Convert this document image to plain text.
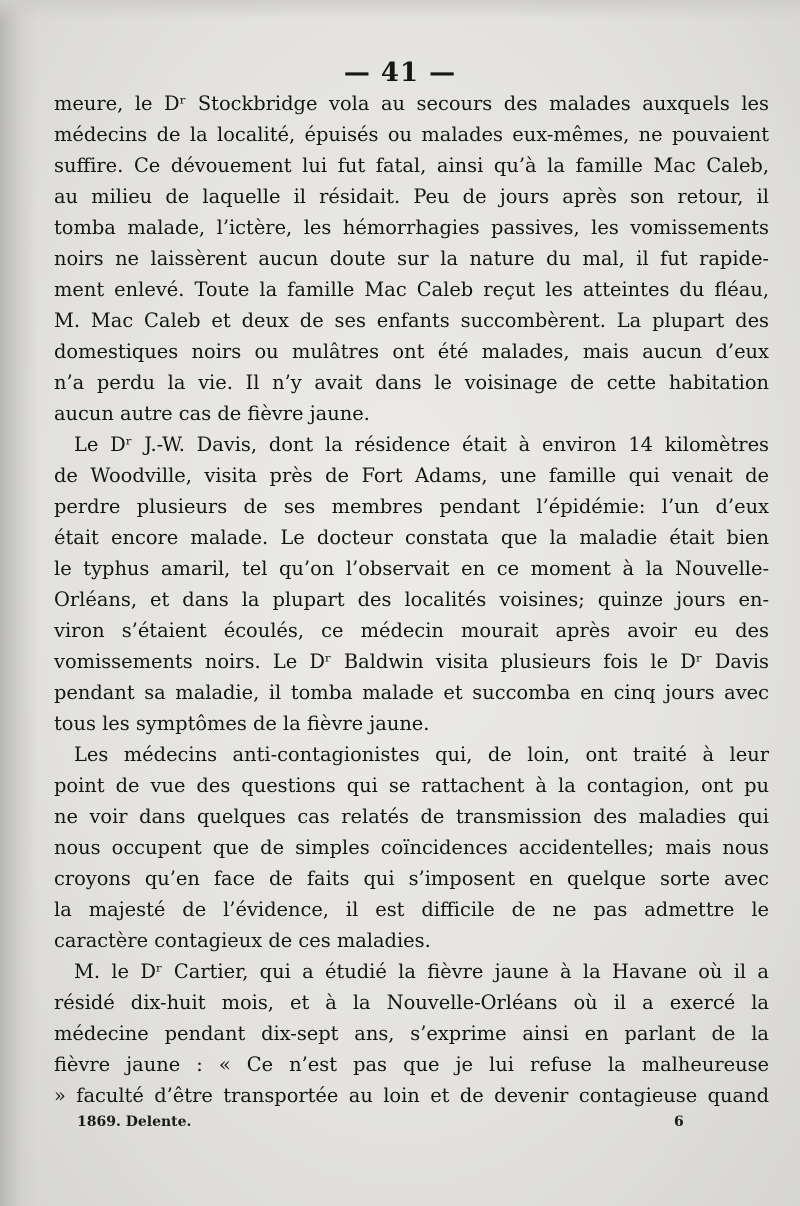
— 41 —
meure, le Dʳ Stockbridge vola au secours des malades auxquels les
médecins de la localité, épuisés ou malades eux-mêmes, ne pouvaient
suffire. Ce dévouement lui fut fatal, ainsi qu’à la famille Mac Caleb,
au milieu de laquelle il résidait. Peu de jours après son retour, il
tomba malade, l’ictère, les hémorrhagies passives, les vomissements
noirs ne laissèrent aucun doute sur la nature du mal, il fut rapide-
ment enlevé. Toute la famille Mac Caleb reçut les atteintes du fléau,
M. Mac Caleb et deux de ses enfants succombèrent. La plupart des
domestiques noirs ou mulâtres ont été malades, mais aucun d’eux
n’a perdu la vie. Il n’y avait dans le voisinage de cette habitation
aucun autre cas de fièvre jaune.
Le Dʳ J.-W. Davis, dont la résidence était à environ 14 kilomètres
de Woodville, visita près de Fort Adams, une famille qui venait de
perdre plusieurs de ses membres pendant l’épidémie: l’un d’eux
était encore malade. Le docteur constata que la maladie était bien
le typhus amaril, tel qu’on l’observait en ce moment à la Nouvelle-
Orléans, et dans la plupart des localités voisines; quinze jours en-
viron s’étaient écoulés, ce médecin mourait après avoir eu des
vomissements noirs. Le Dʳ Baldwin visita plusieurs fois le Dʳ Davis
pendant sa maladie, il tomba malade et succomba en cinq jours avec
tous les symptômes de la fièvre jaune.
Les médecins anti-contagionistes qui, de loin, ont traité à leur
point de vue des questions qui se rattachent à la contagion, ont pu
ne voir dans quelques cas relatés de transmission des maladies qui
nous occupent que de simples coïncidences accidentelles; mais nous
croyons qu’en face de faits qui s’imposent en quelque sorte avec
la majesté de l’évidence, il est difficile de ne pas admettre le
caractère contagieux de ces maladies.
M. le Dʳ Cartier, qui a étudié la fièvre jaune à la Havane où il a
résidé dix-huit mois, et à la Nouvelle-Orléans où il a exercé la
médecine pendant dix-sept ans, s’exprime ainsi en parlant de la
fièvre jaune : « Ce n’est pas que je lui refuse la malheureuse
» faculté d’être transportée au loin et de devenir contagieuse quand
1869. Delente.	6
